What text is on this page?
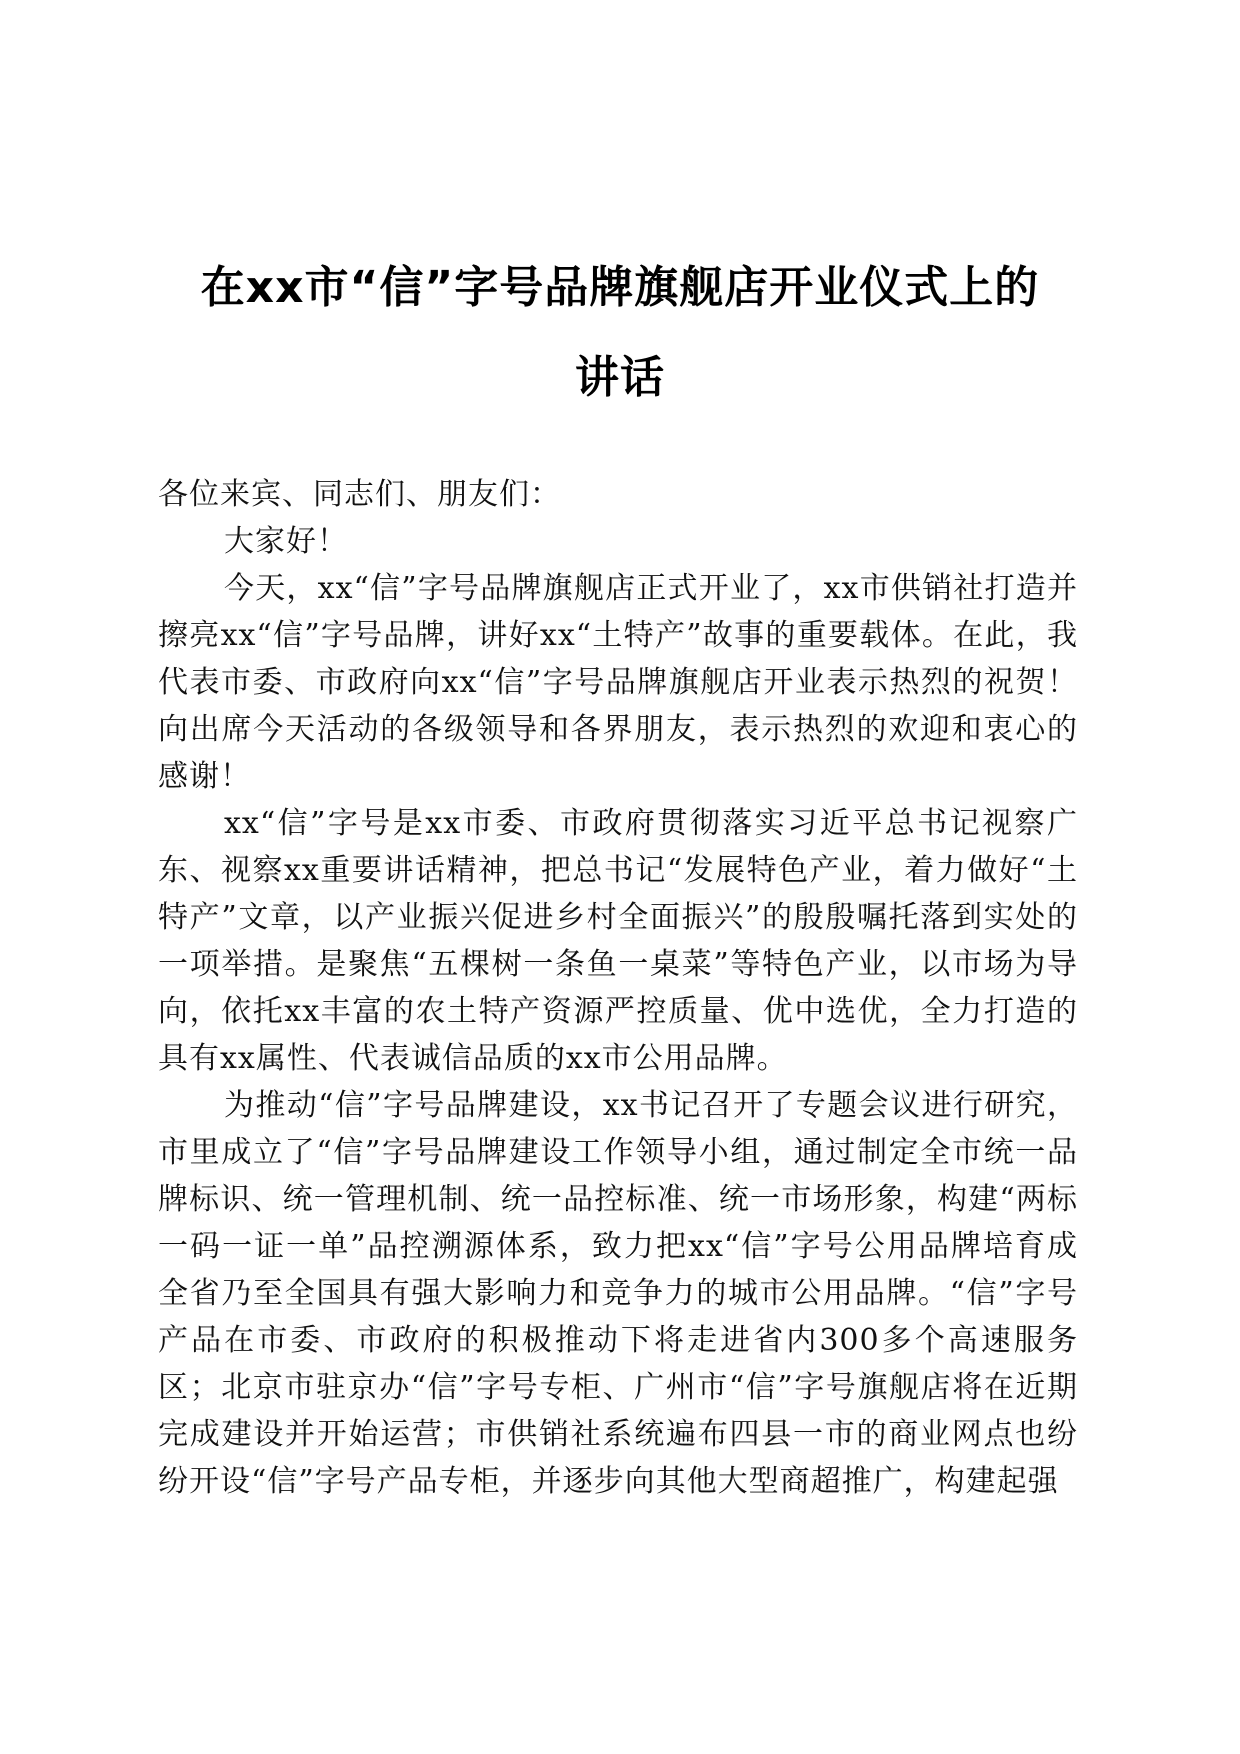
在xx市“信”字号品牌旗舰店开业仪式上的
讲话

各位来宾、同志们、朋友们：

大家好！

今天，xx“信”字号品牌旗舰店正式开业了，xx市供销社打造并擦亮xx“信”字号品牌，讲好xx“土特产”故事的重要载体。在此，我代表市委、市政府向xx“信”字号品牌旗舰店开业表示热烈的祝贺！向出席今天活动的各级领导和各界朋友，表示热烈的欢迎和衷心的感谢！

xx“信”字号是xx市委、市政府贯彻落实习近平总书记视察广东、视察xx重要讲话精神，把总书记“发展特色产业，着力做好“土特产”文章，以产业振兴促进乡村全面振兴”的殷殷嘱托落到实处的一项举措。是聚焦“五棵树一条鱼一桌菜”等特色产业，以市场为导向，依托xx丰富的农土特产资源严控质量、优中选优，全力打造的具有xx属性、代表诚信品质的xx市公用品牌。

为推动“信”字号品牌建设，xx书记召开了专题会议进行研究，市里成立了“信”字号品牌建设工作领导小组，通过制定全市统一品牌标识、统一管理机制、统一品控标准、统一市场形象，构建“两标一码一证一单”品控溯源体系，致力把xx“信”字号公用品牌培育成全省乃至全国具有强大影响力和竞争力的城市公用品牌。“信”字号产品在市委、市政府的积极推动下将走进省内300多个高速服务区；北京市驻京办“信”字号专柜、广州市“信”字号旗舰店将在近期完成建设并开始运营；市供销社系统遍布四县一市的商业网点也纷纷开设“信”字号产品专柜，并逐步向其他大型商超推广，构建起强
